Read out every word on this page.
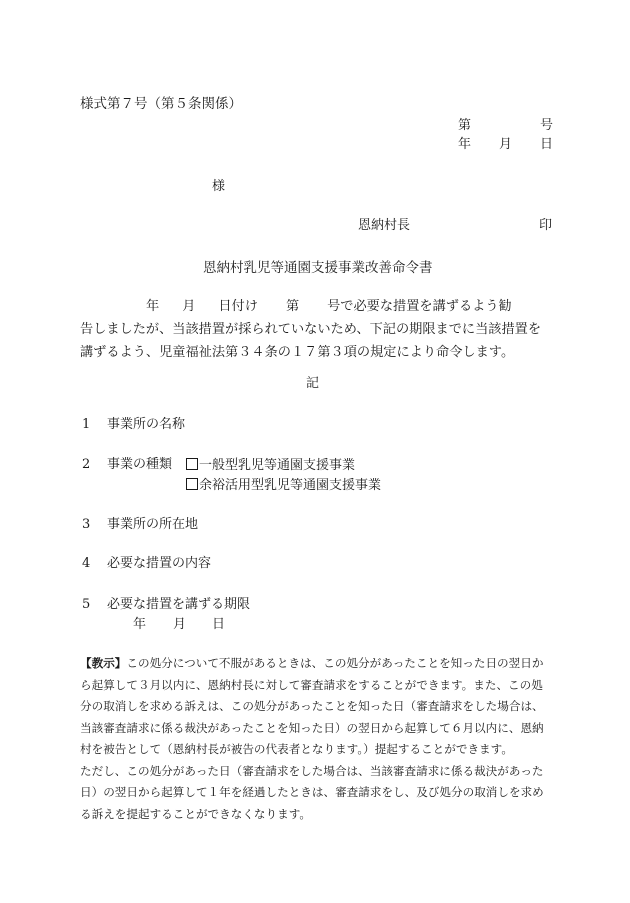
様式第７号（第５条関係）
第	号
年 月 日
様
恩納村長	印
恩納村乳児等通園支援事業改善命令書
年 月 日付け 第 号で必要な措置を講ずるよう勧
告しましたが、当該措置が採られていないため、下記の期限までに当該措置を
講ずるよう、児童福祉法第３４条の１７第３項の規定により命令します。
記
1 事業所の名称
2 事業の種類	一般型乳児等通園支援事業
余裕活用型乳児等通園支援事業
3 事業所の所在地
4 必要な措置の内容
5 必要な措置を講ずる期限
年 月 日
【教示】この処分について不服があるときは、この処分があったことを知った日の翌日か
ら起算して３月以内に、恩納村長に対して審査請求をすることができます。また、この処
分の取消しを求める訴えは、この処分があったことを知った日（審査請求をした場合は、
当該審査請求に係る裁決があったことを知った日）の翌日から起算して６月以内に、恩納
村を被告として（恩納村長が被告の代表者となります。）提起することができます。
ただし、この処分があった日（審査請求をした場合は、当該審査請求に係る裁決があった
日）の翌日から起算して１年を経過したときは、審査請求をし、及び処分の取消しを求め
る訴えを提起することができなくなります。
